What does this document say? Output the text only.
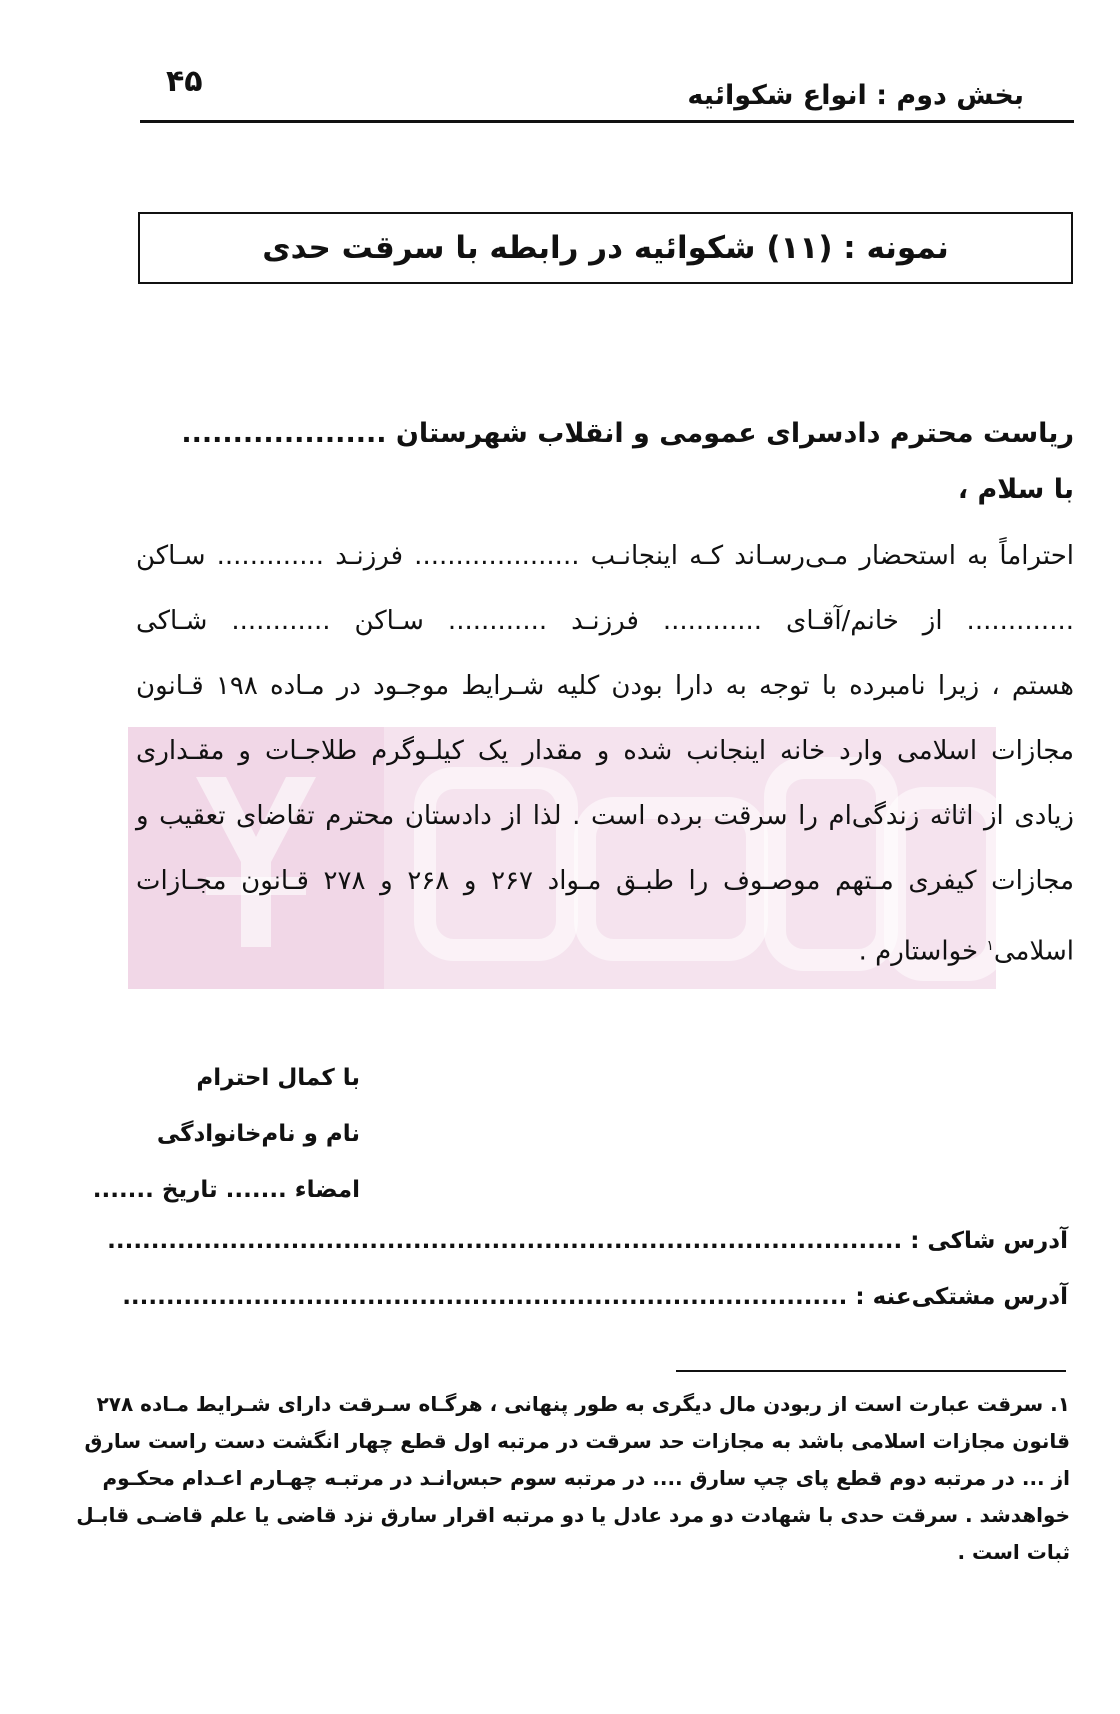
بخش دوم : انواع شکوائیه
۴۵
نمونه : (۱۱) شکوائیه در رابطه با سرقت حدی
ریاست محترم دادسرای عمومی و انقلاب شهرستان ....................
با سلام ،
احتراماً به استحضار مـی‌رسـاند کـه اینجانـب .................... فرزنـد ............. سـاکن
............. از خانم/آقـای ............ فرزنـد ............ سـاکن ............ شـاکی
هستم ، زیرا نامبرده با توجه به دارا بودن کلیه شـرایط موجـود در مـاده ۱۹۸ قـانون
مجازات اسلامی وارد خانه اینجانب شده و مقدار یک کیلـوگرم طلاجـات و مقـداری
زیادی از اثاثه زندگی‌ام را سرقت برده است . لذا از دادستان محترم تقاضای تعقیب و
مجازات کیفری مـتهم موصـوف را طبـق مـواد ۲۶۷ و ۲۶۸ و ۲۷۸ قـانون مجـازات
اسلامی$^۱$ خواستارم .
با کمال احترام
نام و نام‌خانوادگی
امضاء ....... تاریخ .......
آدرس شاکی : ...........................................................................................
آدرس مشتکی‌عنه : ...................................................................................
۱. سرقت عبارت است از ربودن مال دیگری به طور پنهانی ، هرگـاه سـرقت دارای شـرایط مـاده ۲۷۸
قانون مجازات اسلامی باشد به مجازات حد سرقت در مرتبه اول قطع چهار انگشت دست راست سارق
از ... در مرتبه دوم قطع پای چپ سارق .... در مرتبه سوم حبس‌انـد در مرتبـه چهـارم اعـدام محکـوم
خواهدشد . سرقت حدی با شهادت دو مرد عادل یا دو مرتبه اقرار سارق نزد قاضی یا علم قاضـی قابـل
ثبات است .
